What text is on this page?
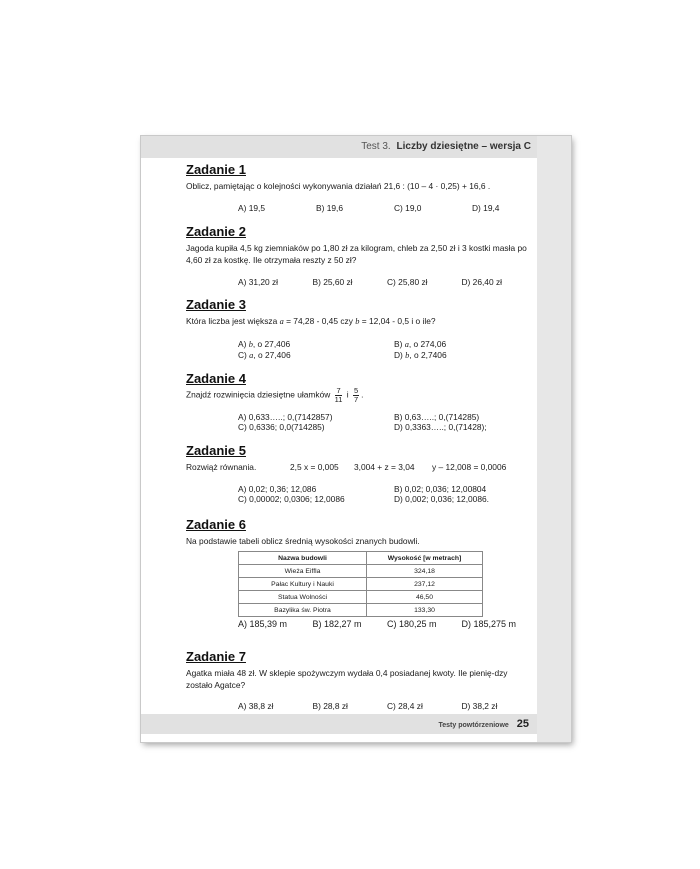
Test 3. Liczby dziesiętne – wersja C

Zadanie 1

Oblicz, pamiętając o kolejności wykonywania działań 21,6 : (10 – 4 · 0,25) + 16,6 .

A) 19,5	B) 19,6	C) 19,0	D) 19,4

Zadanie 2

Jagoda kupiła 4,5 kg ziemniaków po 1,80 zł za kilogram, chleb za 2,50 zł i 3 kostki masła po 4,60 zł za kostkę. Ile otrzymała reszty z 50 zł?

A) 31,20 zł	B) 25,60 zł	C) 25,80 zł	D) 26,40 zł

Zadanie 3

Która liczba jest większa a = 74,28 - 0,45 czy b = 12,04 - 0,5 i o ile?

A) b, o 27,406	B) a, o 274,06
C) a, o 27,406	D) b, o 2,7406

Zadanie 4

Znajdź rozwinięcia dziesiętne ułamków $\frac{7}{11}$ i $\frac{5}{7}$ .

A) 0,633…..; 0,(7142857)	B) 0,63…..; 0,(714285)
C) 0,6336; 0,0(714285)	D) 0,3363…..; 0,(71428);

Zadanie 5

Rozwiąż równania.	2,5 x = 0,005 3,004 + z = 3,04 y – 12,008 = 0,0006

A) 0,02; 0,36; 12,086	B) 0,02; 0,036; 12,00804
C) 0,00002; 0,0306; 12,0086	D) 0,002; 0,036; 12,0086.

Zadanie 6

Na podstawie tabeli oblicz średnią wysokości znanych budowli.

Nazwa budowli	Wysokość [w metrach]
Wieża Eiffla	324,18
Pałac Kultury i Nauki	237,12
Statua Wolności	46,50
Bazylika św. Piotra	133,30
A) 185,39 m	B) 182,27 m	C) 180,25 m	D) 185,275 m

Zadanie 7

Agatka miała 48 zł. W sklepie spożywczym wydała 0,4 posiadanej kwoty. Ile pienię-dzy zostało Agatce?

A) 38,8 zł	B) 28,8 zł	C) 28,4 zł	D) 38,2 zł
Testy powtórzeniowe 25
